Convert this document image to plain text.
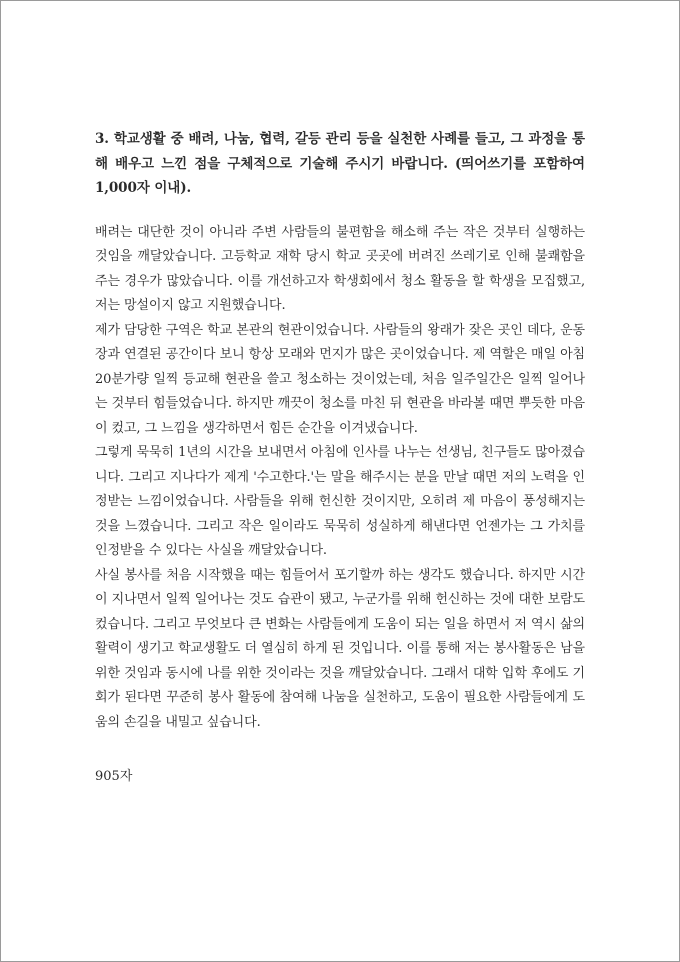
3. 학교생활 중 배려, 나눔, 협력, 갈등 관리 등을 실천한 사례를 들고, 그 과정을 통해 배우고 느낀 점을 구체적으로 기술해 주시기 바랍니다. (띄어쓰기를 포함하여 1,000자 이내).

배려는 대단한 것이 아니라 주변 사람들의 불편함을 해소해 주는 작은 것부터 실행하는 것임을 깨달았습니다. 고등학교 재학 당시 학교 곳곳에 버려진 쓰레기로 인해 불쾌함을 주는 경우가 많았습니다. 이를 개선하고자 학생회에서 청소 활동을 할 학생을 모집했고, 저는 망설이지 않고 지원했습니다.

제가 담당한 구역은 학교 본관의 현관이었습니다. 사람들의 왕래가 잦은 곳인 데다, 운동장과 연결된 공간이다 보니 항상 모래와 먼지가 많은 곳이었습니다. 제 역할은 매일 아침 20분가량 일찍 등교해 현관을 쓸고 청소하는 것이었는데, 처음 일주일간은 일찍 일어나는 것부터 힘들었습니다. 하지만 깨끗이 청소를 마친 뒤 현관을 바라볼 때면 뿌듯한 마음이 컸고, 그 느낌을 생각하면서 힘든 순간을 이겨냈습니다.

그렇게 묵묵히 1년의 시간을 보내면서 아침에 인사를 나누는 선생님, 친구들도 많아졌습니다. 그리고 지나다가 제게 '수고한다.'는 말을 해주시는 분을 만날 때면 저의 노력을 인정받는 느낌이었습니다. 사람들을 위해 헌신한 것이지만, 오히려 제 마음이 풍성해지는 것을 느꼈습니다. 그리고 작은 일이라도 묵묵히 성실하게 해낸다면 언젠가는 그 가치를 인정받을 수 있다는 사실을 깨달았습니다.

사실 봉사를 처음 시작했을 때는 힘들어서 포기할까 하는 생각도 했습니다. 하지만 시간이 지나면서 일찍 일어나는 것도 습관이 됐고, 누군가를 위해 헌신하는 것에 대한 보람도 컸습니다. 그리고 무엇보다 큰 변화는 사람들에게 도움이 되는 일을 하면서 저 역시 삶의 활력이 생기고 학교생활도 더 열심히 하게 된 것입니다. 이를 통해 저는 봉사활동은 남을 위한 것임과 동시에 나를 위한 것이라는 것을 깨달았습니다. 그래서 대학 입학 후에도 기회가 된다면 꾸준히 봉사 활동에 참여해 나눔을 실천하고, 도움이 필요한 사람들에게 도움의 손길을 내밀고 싶습니다.

905자
